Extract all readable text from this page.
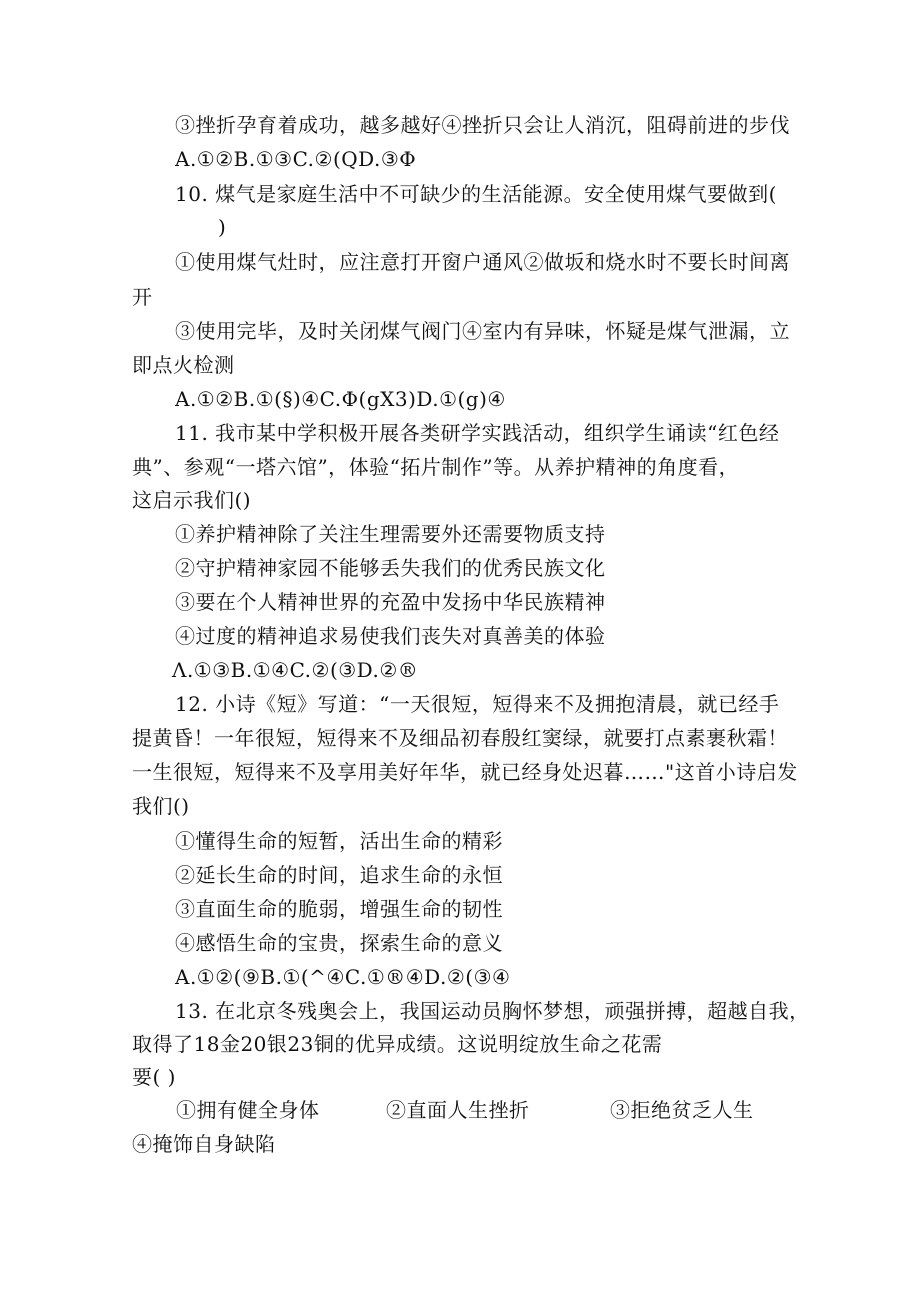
③挫折孕育着成功，越多越好④挫折只会让人消沉，阻碍前进的步伐
A.①②B.①③C.②(QD.③Φ
10. 煤气是家庭生活中不可缺少的生活能源。安全使用煤气要做到(
)
①使用煤气灶时，应注意打开窗户通风②做坂和烧水时不要长时间离
开
③使用完毕，及时关闭煤气阀门④室内有异味，怀疑是煤气泄漏，立
即点火检测
A.①②B.①(§)④C.Φ(gX3)D.①(g)④
11. 我市某中学积极开展各类研学实践活动，组织学生诵读“红色经
典”、参观“一塔六馆”，体验“拓片制作”等。从养护精神的角度看，
这启示我们()
①养护精神除了关注生理需要外还需要物质支持
②守护精神家园不能够丢失我们的优秀民族文化
③要在个人精神世界的充盈中发扬中华民族精神
④过度的精神追求易使我们丧失对真善美的体验
Λ.①③B.①④C.②(③D.②®
12. 小诗《短》写道：“一天很短，短得来不及拥抱清晨，就已经手
提黄昏！一年很短，短得来不及细品初春殷红窦绿，就要打点素裹秋霜！
一生很短，短得来不及享用美好年华，就已经身处迟暮……"这首小诗启发
我们()
①懂得生命的短暂，活出生命的精彩
②延长生命的时间，追求生命的永恒
③直面生命的脆弱，增强生命的韧性
④感悟生命的宝贵，探索生命的意义
A.①②(⑨B.①(^④C.①®④D.②(③④
13. 在北京冬残奥会上，我国运动员胸怀梦想，顽强拼搏，超越自我，
取得了18金20银23铜的优异成绩。这说明绽放生命之花需
要( )
①拥有健全身体	②直面人生挫折	③拒绝贫乏人生
④掩饰自身缺陷
